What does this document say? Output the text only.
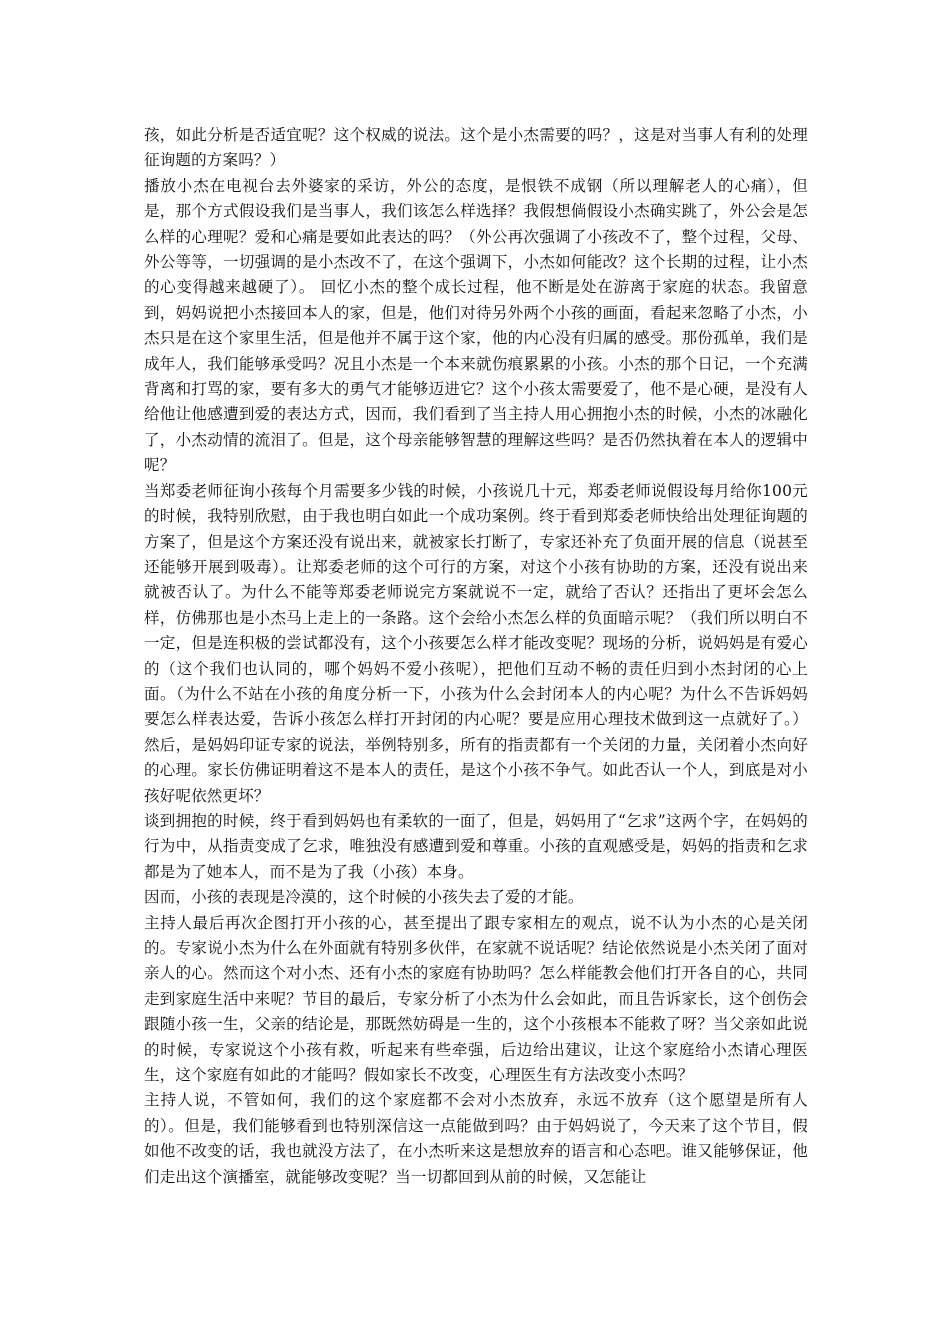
孩，如此分析是否适宜呢？这个权威的说法。这个是小杰需要的吗？，这是对当事人有利的处理征询题的方案吗？）

播放小杰在电视台去外婆家的采访，外公的态度，是恨铁不成钢（所以理解老人的心痛），但是，那个方式假设我们是当事人，我们该怎么样选择？我假想倘假设小杰确实跳了，外公会是怎么样的心理呢？爱和心痛是要如此表达的吗？（外公再次强调了小孩改不了，整个过程，父母、外公等等，一切强调的是小杰改不了，在这个强调下，小杰如何能改？这个长期的过程，让小杰的心变得越来越硬了）。 回忆小杰的整个成长过程，他不断是处在游离于家庭的状态。我留意到，妈妈说把小杰接回本人的家，但是，他们对待另外两个小孩的画面，看起来忽略了小杰，小杰只是在这个家里生活，但是他并不属于这个家，他的内心没有归属的感受。那份孤单，我们是成年人，我们能够承受吗？况且小杰是一个本来就伤痕累累的小孩。小杰的那个日记，一个充满背离和打骂的家，要有多大的勇气才能够迈进它？这个小孩太需要爱了，他不是心硬，是没有人给他让他感遭到爱的表达方式，因而，我们看到了当主持人用心拥抱小杰的时候，小杰的冰融化了，小杰动情的流泪了。但是，这个母亲能够智慧的理解这些吗？是否仍然执着在本人的逻辑中呢？

当郑委老师征询小孩每个月需要多少钱的时候，小孩说几十元，郑委老师说假设每月给你100元的时候，我特别欣慰，由于我也明白如此一个成功案例。终于看到郑委老师快给出处理征询题的方案了，但是这个方案还没有说出来，就被家长打断了，专家还补充了负面开展的信息（说甚至还能够开展到吸毒）。让郑委老师的这个可行的方案，对这个小孩有协助的方案，还没有说出来就被否认了。为什么不能等郑委老师说完方案就说不一定，就给了否认？还指出了更坏会怎么样，仿佛那也是小杰马上走上的一条路。这个会给小杰怎么样的负面暗示呢？（我们所以明白不一定，但是连积极的尝试都没有，这个小孩要怎么样才能改变呢？现场的分析，说妈妈是有爱心的（这个我们也认同的，哪个妈妈不爱小孩呢），把他们互动不畅的责任归到小杰封闭的心上面。（为什么不站在小孩的角度分析一下，小孩为什么会封闭本人的内心呢？为什么不告诉妈妈要怎么样表达爱，告诉小孩怎么样打开封闭的内心呢？要是应用心理技术做到这一点就好了。）然后，是妈妈印证专家的说法，举例特别多，所有的指责都有一个关闭的力量，关闭着小杰向好的心理。家长仿佛证明着这不是本人的责任，是这个小孩不争气。如此否认一个人，到底是对小孩好呢依然更坏？

谈到拥抱的时候，终于看到妈妈也有柔软的一面了，但是，妈妈用了“乞求”这两个字，在妈妈的行为中，从指责变成了乞求，唯独没有感遭到爱和尊重。小孩的直观感受是，妈妈的指责和乞求都是为了她本人，而不是为了我（小孩）本身。

因而，小孩的表现是冷漠的，这个时候的小孩失去了爱的才能。

主持人最后再次企图打开小孩的心，甚至提出了跟专家相左的观点，说不认为小杰的心是关闭的。专家说小杰为什么在外面就有特别多伙伴，在家就不说话呢？结论依然说是小杰关闭了面对亲人的心。然而这个对小杰、还有小杰的家庭有协助吗？怎么样能教会他们打开各自的心，共同走到家庭生活中来呢？节目的最后，专家分析了小杰为什么会如此，而且告诉家长，这个创伤会跟随小孩一生，父亲的结论是，那既然妨碍是一生的，这个小孩根本不能救了呀？当父亲如此说的时候，专家说这个小孩有救，听起来有些牵强，后边给出建议，让这个家庭给小杰请心理医生，这个家庭有如此的才能吗？假如家长不改变，心理医生有方法改变小杰吗？

主持人说，不管如何，我们的这个家庭都不会对小杰放弃，永远不放弃（这个愿望是所有人的）。但是，我们能够看到也特别深信这一点能做到吗？由于妈妈说了，今天来了这个节目，假如他不改变的话，我也就没方法了，在小杰听来这是想放弃的语言和心态吧。谁又能够保证，他们走出这个演播室，就能够改变呢？当一切都回到从前的时候，又怎能让
